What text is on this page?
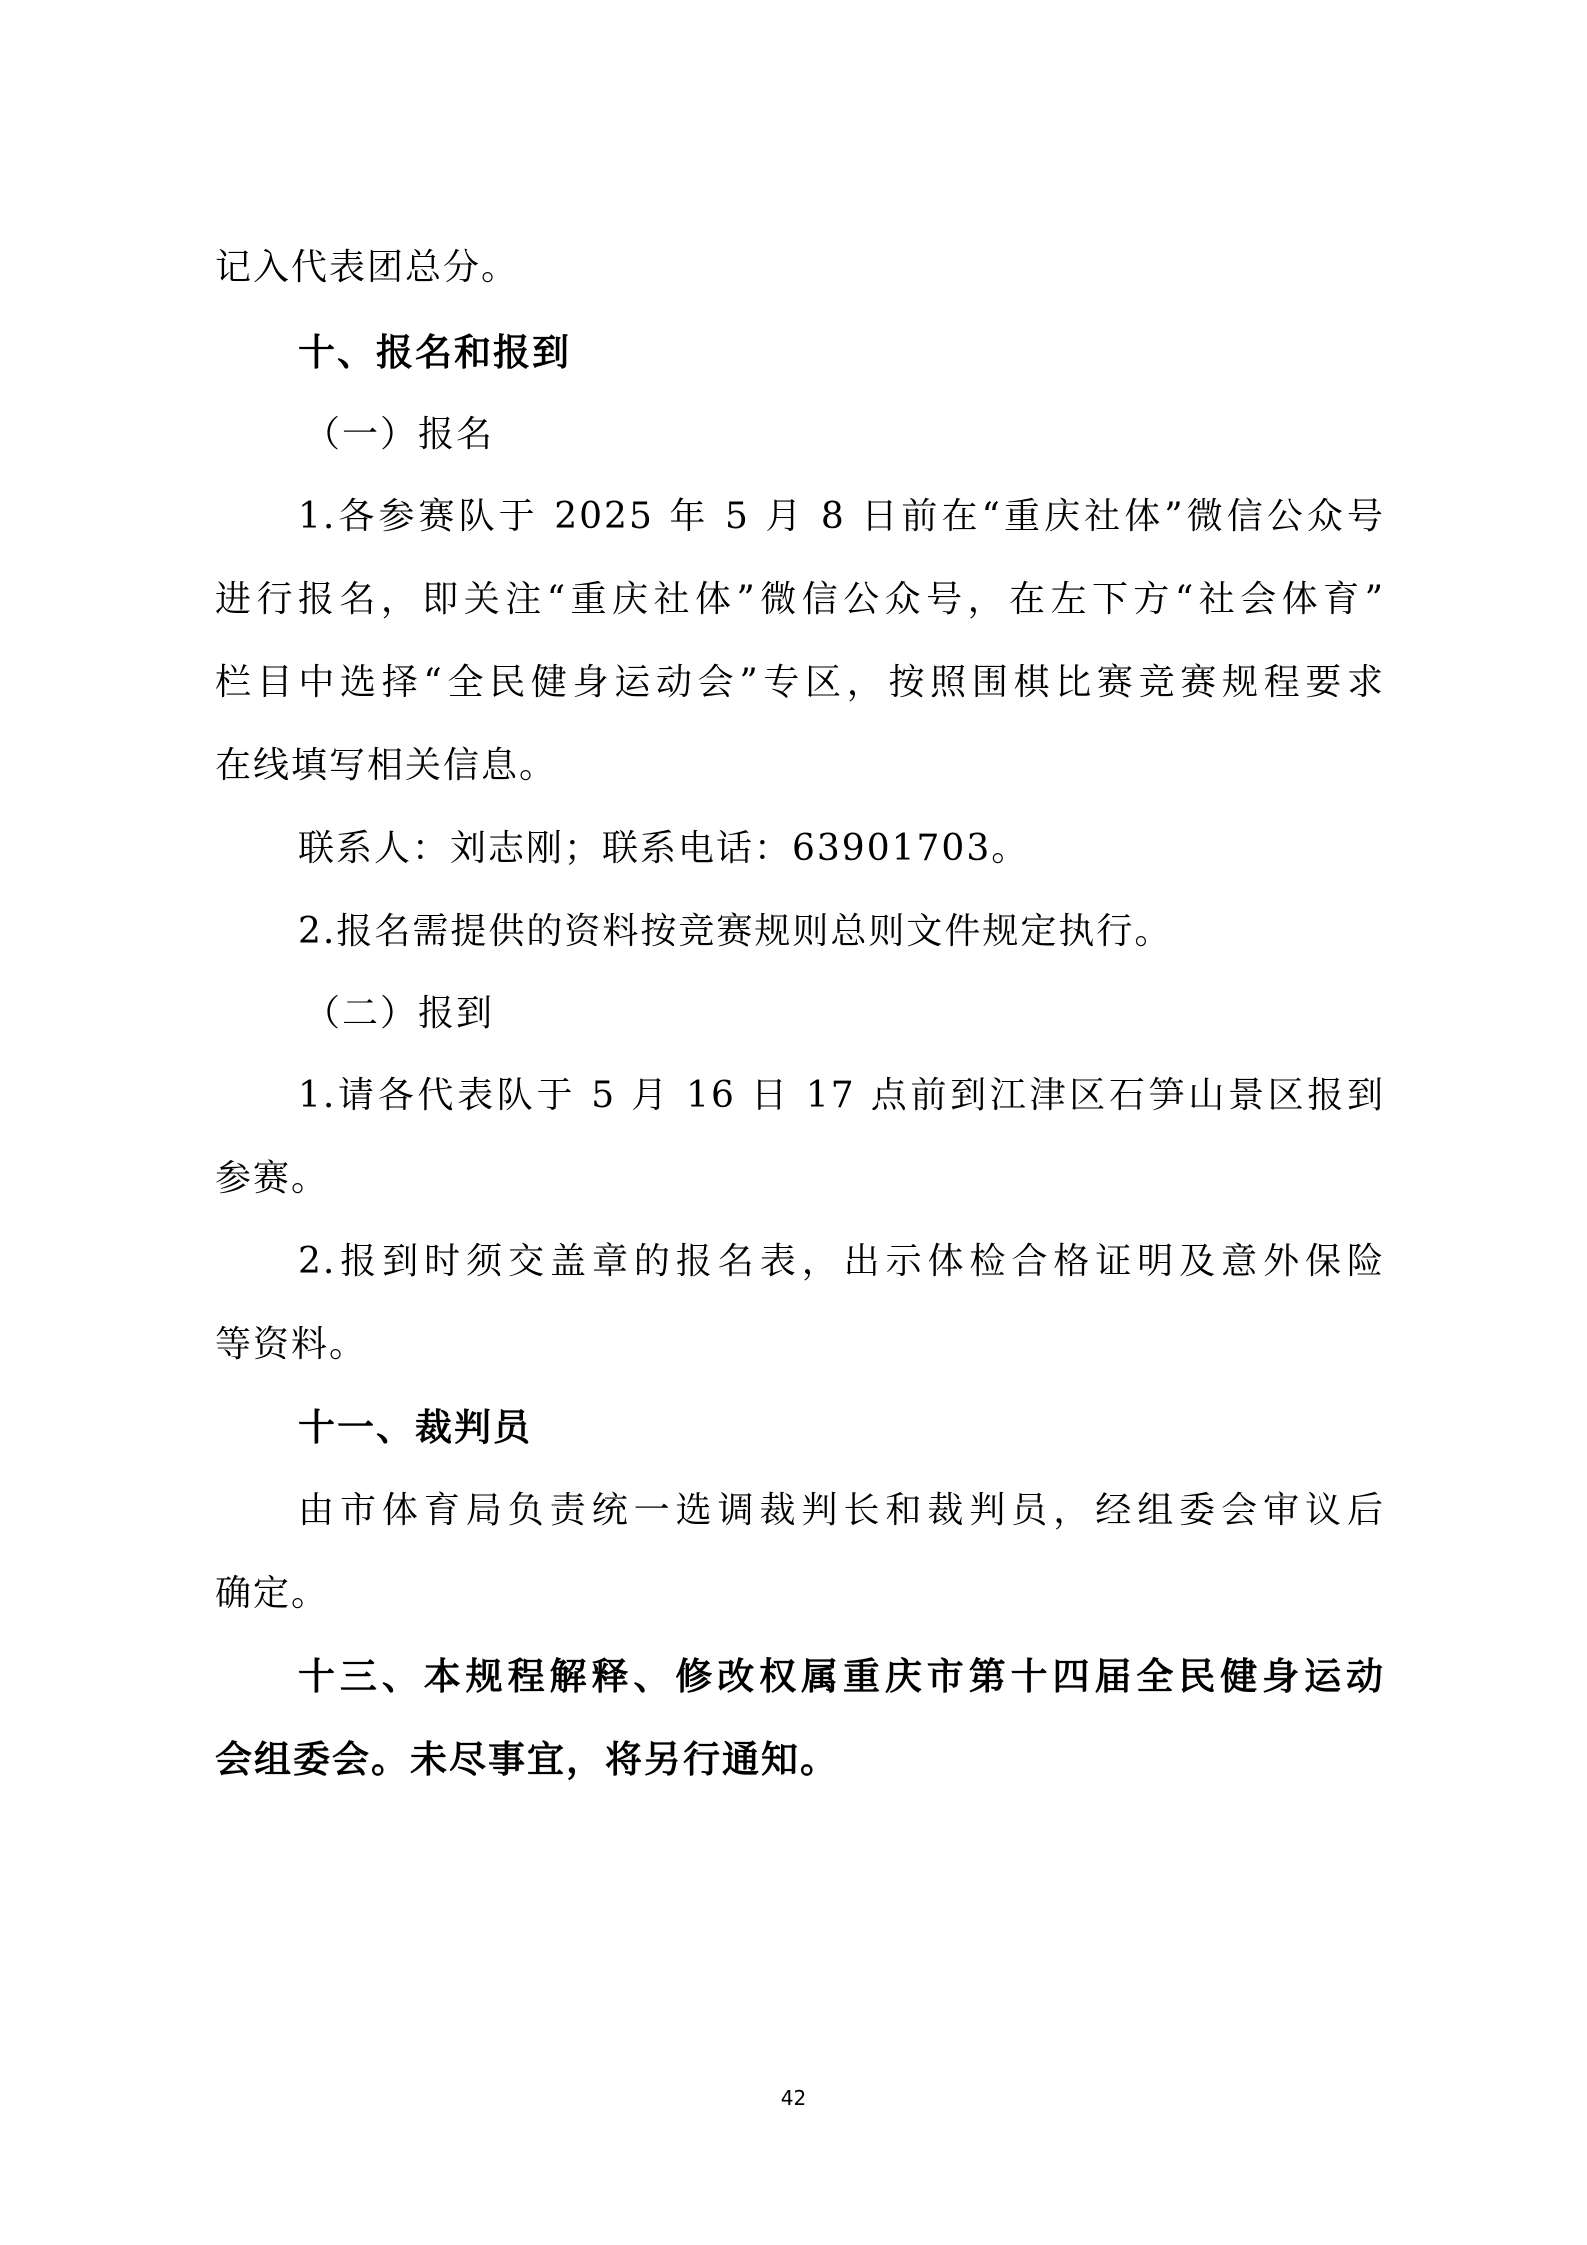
记入代表团总分。
十、报名和报到
（一）报名
1.各参赛队于 2025 年 5 月 8 日前在“重庆社体”微信公众号
进行报名，即关注“重庆社体”微信公众号，在左下方“社会体育”
栏目中选择“全民健身运动会”专区，按照围棋比赛竞赛规程要求
在线填写相关信息。
联系人：刘志刚；联系电话：63901703。
2.报名需提供的资料按竞赛规则总则文件规定执行。
（二）报到
1.请各代表队于 5 月 16 日 17 点前到江津区石笋山景区报到
参赛。
2.报到时须交盖章的报名表，出示体检合格证明及意外保险
等资料。
十一、裁判员
由市体育局负责统一选调裁判长和裁判员，经组委会审议后
确定。
十三、本规程解释、修改权属重庆市第十四届全民健身运动
会组委会。未尽事宜，将另行通知。
42
